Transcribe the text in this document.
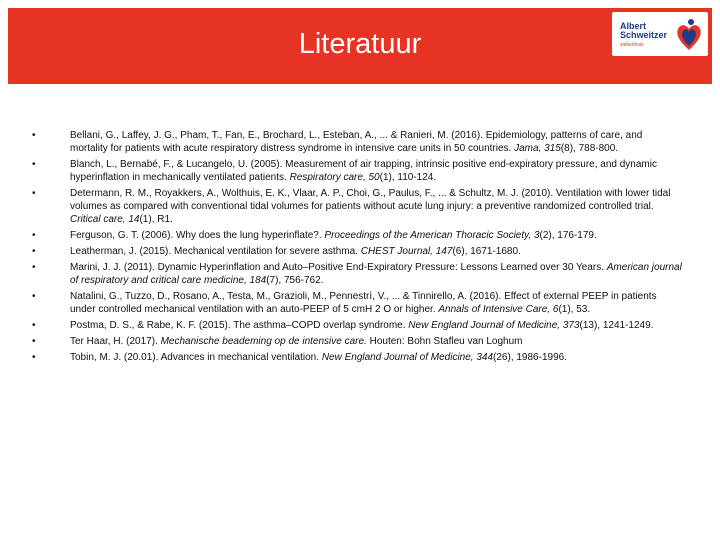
Literatuur
Albert
Schweitzer
ziekenhuis
•	Bellani, G., Laffey, J. G., Pham, T., Fan, E., Brochard, L., Esteban, A., ... & Ranieri, M. (2016). Epidemiology, patterns of care, and mortality for patients with acute respiratory distress syndrome in intensive care units in 50 countries. Jama, 315(8), 788-800.
•	Blanch, L., Bernabé, F., & Lucangelo, U. (2005). Measurement of air trapping, intrinsic positive end-expiratory pressure, and dynamic hyperinflation in mechanically ventilated patients. Respiratory care, 50(1), 110-124.
•	Determann, R. M., Royakkers, A., Wolthuis, E. K., Vlaar, A. P., Choi, G., Paulus, F., ... & Schultz, M. J. (2010). Ventilation with lower tidal volumes as compared with conventional tidal volumes for patients without acute lung injury: a preventive randomized controlled trial. Critical care, 14(1), R1.
•	Ferguson, G. T. (2006). Why does the lung hyperinflate?. Proceedings of the American Thoracic Society, 3(2), 176-179.
•	Leatherman, J. (2015). Mechanical ventilation for severe asthma. CHEST Journal, 147(6), 1671-1680.
•	Marini, J. J. (2011). Dynamic Hyperinflation and Auto–Positive End-Expiratory Pressure: Lessons Learned over 30 Years. American journal of respiratory and critical care medicine, 184(7), 756-762.
•	Natalini, G., Tuzzo, D., Rosano, A., Testa, M., Grazioli, M., Pennestrì, V., ... & Tinnirello, A. (2016). Effect of external PEEP in patients under controlled mechanical ventilation with an auto-PEEP of 5 cmH 2 O or higher. Annals of Intensive Care, 6(1), 53.
•	Postma, D. S., & Rabe, K. F. (2015). The asthma–COPD overlap syndrome. New England Journal of Medicine, 373(13), 1241-1249.
•	Ter Haar, H. (2017). Mechanische beademing op de intensive care. Houten: Bohn Stafleu van Loghum
•	Tobin, M. J. (20.01). Advances in mechanical ventilation. New England Journal of Medicine, 344(26), 1986-1996.
